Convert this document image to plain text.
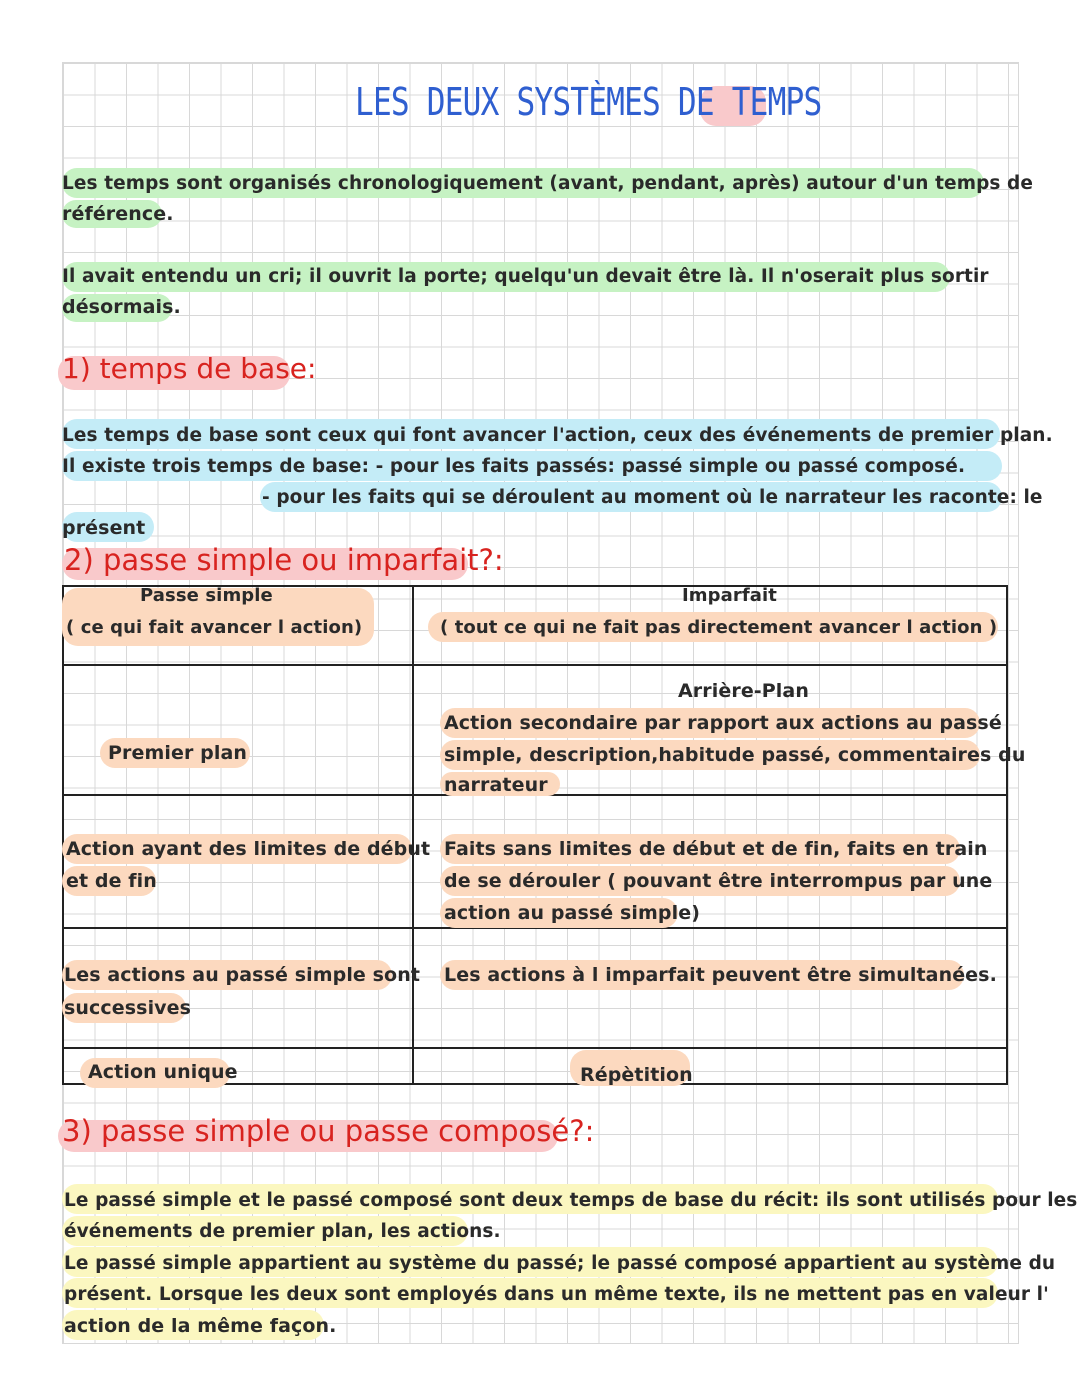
LES DEUX SYSTÈMES DE TEMPS
Les temps sont organisés chronologiquement (avant, pendant, après) autour d'un temps de
référence.
Il avait entendu un cri; il ouvrit la porte; quelqu'un devait être là. Il n'oserait plus sortir
désormais.
1) temps de base:
Les temps de base sont ceux qui font avancer l'action, ceux des événements de premier plan.
Il existe trois temps de base: - pour les faits passés: passé simple ou passé composé.
- pour les faits qui se déroulent au moment où le narrateur les raconte: le
présent
2) passe simple ou imparfait?:
Passe simple
( ce qui fait avancer l action)
Imparfait
( tout ce qui ne fait pas directement avancer l action )
Premier plan
Arrière-Plan
Action secondaire par rapport aux actions au passé
simple, description,habitude passé, commentaires du
narrateur
Action ayant des limites de début
et de fin
Faits sans limites de début et de fin, faits en train
de se dérouler ( pouvant être interrompus par une
action au passé simple)
Les actions au passé simple sont
successives
Les actions à l imparfait peuvent être simultanées.
Action unique	Répètition
3) passe simple ou passe composé?:
Le passé simple et le passé composé sont deux temps de base du récit: ils sont utilisés pour les
événements de premier plan, les actions.
Le passé simple appartient au système du passé; le passé composé appartient au système du
présent. Lorsque les deux sont employés dans un même texte, ils ne mettent pas en valeur l'
action de la même façon.
